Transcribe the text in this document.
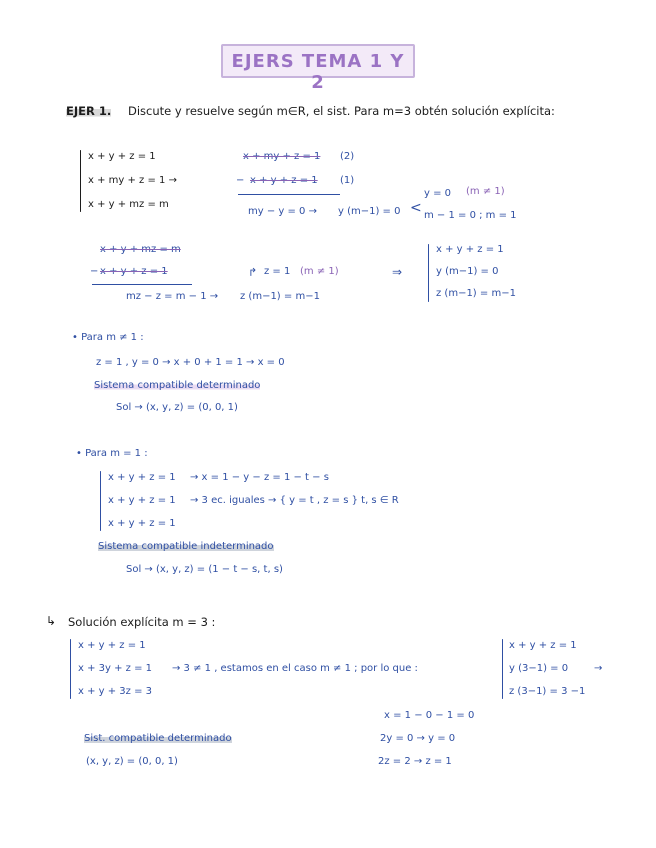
EJERS TEMA 1 Y 2
EJER 1. Discute y resuelve según m∈R, el sist. Para m=3 obtén solución explícita:
x + y + z = 1
x + my + z = 1 →
x + y + mz = m
x + my + z = 1 (2)
− x + y + z = 1 (1)
my − y = 0 → y (m−1) = 0 <
y = 0 (m ≠ 1)
m − 1 = 0 ; m = 1
x + y + mz = m
− x + y + z = 1
mz − z = m − 1 → z (m−1) = m−1
↱ z = 1 (m ≠ 1)	⇒
x + y + z = 1
y (m−1) = 0
z (m−1) = m−1
• Para m ≠ 1 :
z = 1 , y = 0 → x + 0 + 1 = 1 → x = 0
Sistema compatible determinado
Sol → (x, y, z) = (0, 0, 1)
• Para m = 1 :
x + y + z = 1
x + y + z = 1
x + y + z = 1
→ x = 1 − y − z = 1 − t − s
→ 3 ec. iguales → { y = t , z = s } t, s ∈ R
Sistema compatible indeterminado
Sol → (x, y, z) = (1 − t − s, t, s)
↳ Solución explícita m = 3 :
x + y + z = 1
x + 3y + z = 1
x + y + 3z = 3
→ 3 ≠ 1 , estamos en el caso m ≠ 1 ; por lo que :
x + y + z = 1
y (3−1) = 0
z (3−1) = 3 −1
→
x = 1 − 0 − 1 = 0
Sist. compatible determinado	2y = 0 → y = 0
(x, y, z) = (0, 0, 1)	2z = 2 → z = 1
